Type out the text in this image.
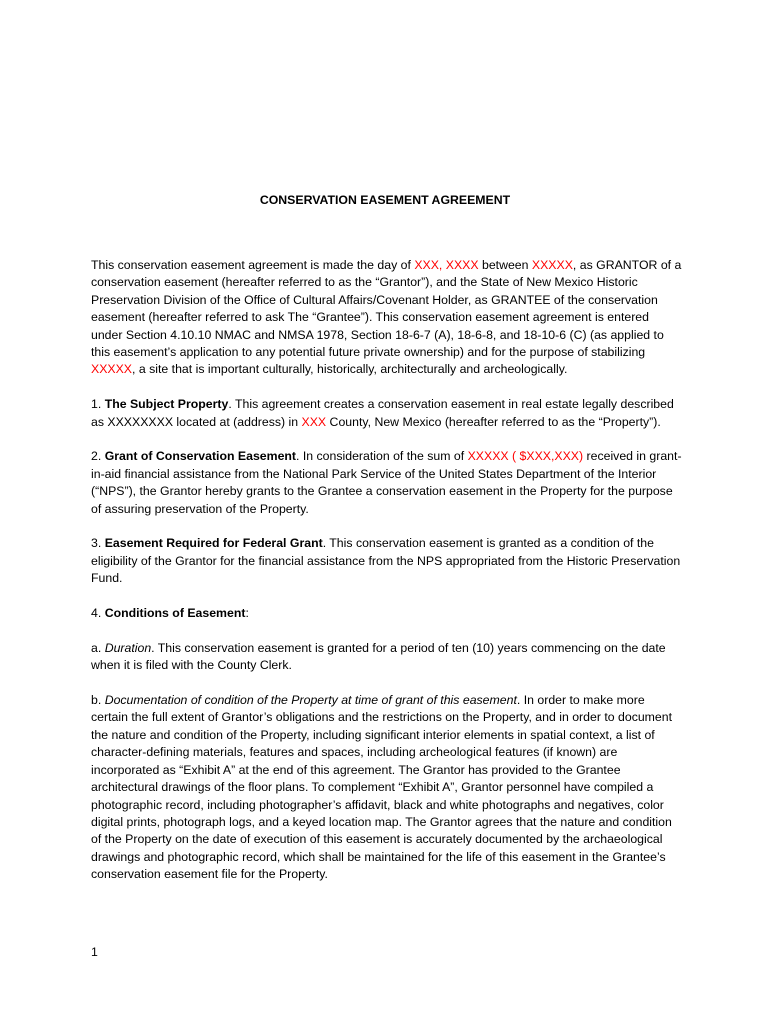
CONSERVATION EASEMENT AGREEMENT

This conservation easement agreement is made the day of XXX, XXXX between XXXXX, as GRANTOR of a conservation easement (hereafter referred to as the “Grantor”), and the State of New Mexico Historic Preservation Division of the Office of Cultural Affairs/Covenant Holder, as GRANTEE of the conservation easement (hereafter referred to ask The “Grantee”). This conservation easement agreement is entered under Section 4.10.10 NMAC and NMSA 1978, Section 18-6-7 (A), 18-6-8, and 18-10-6 (C) (as applied to this easement’s application to any potential future private ownership) and for the purpose of stabilizing XXXXX, a site that is important culturally, historically, architecturally and archeologically.

1. The Subject Property. This agreement creates a conservation easement in real estate legally described as XXXXXXXX located at (address) in XXX County, New Mexico (hereafter referred to as the “Property”).

2. Grant of Conservation Easement. In consideration of the sum of XXXXX ( $XXX,XXX) received in grant-in-aid financial assistance from the National Park Service of the United States Department of the Interior (“NPS”), the Grantor hereby grants to the Grantee a conservation easement in the Property for the purpose of assuring preservation of the Property.

3. Easement Required for Federal Grant. This conservation easement is granted as a condition of the eligibility of the Grantor for the financial assistance from the NPS appropriated from the Historic Preservation Fund.

4. Conditions of Easement:

a. Duration. This conservation easement is granted for a period of ten (10) years commencing on the date when it is filed with the County Clerk.

b. Documentation of condition of the Property at time of grant of this easement. In order to make more certain the full extent of Grantor’s obligations and the restrictions on the Property, and in order to document the nature and condition of the Property, including significant interior elements in spatial context, a list of character-defining materials, features and spaces, including archeological features (if known) are incorporated as “Exhibit A” at the end of this agreement. The Grantor has provided to the Grantee architectural drawings of the floor plans. To complement “Exhibit A”, Grantor personnel have compiled a photographic record, including photographer’s affidavit, black and white photographs and negatives, color digital prints, photograph logs, and a keyed location map. The Grantor agrees that the nature and condition of the Property on the date of execution of this easement is accurately documented by the archaeological drawings and photographic record, which shall be maintained for the life of this easement in the Grantee’s conservation easement file for the Property.

1
